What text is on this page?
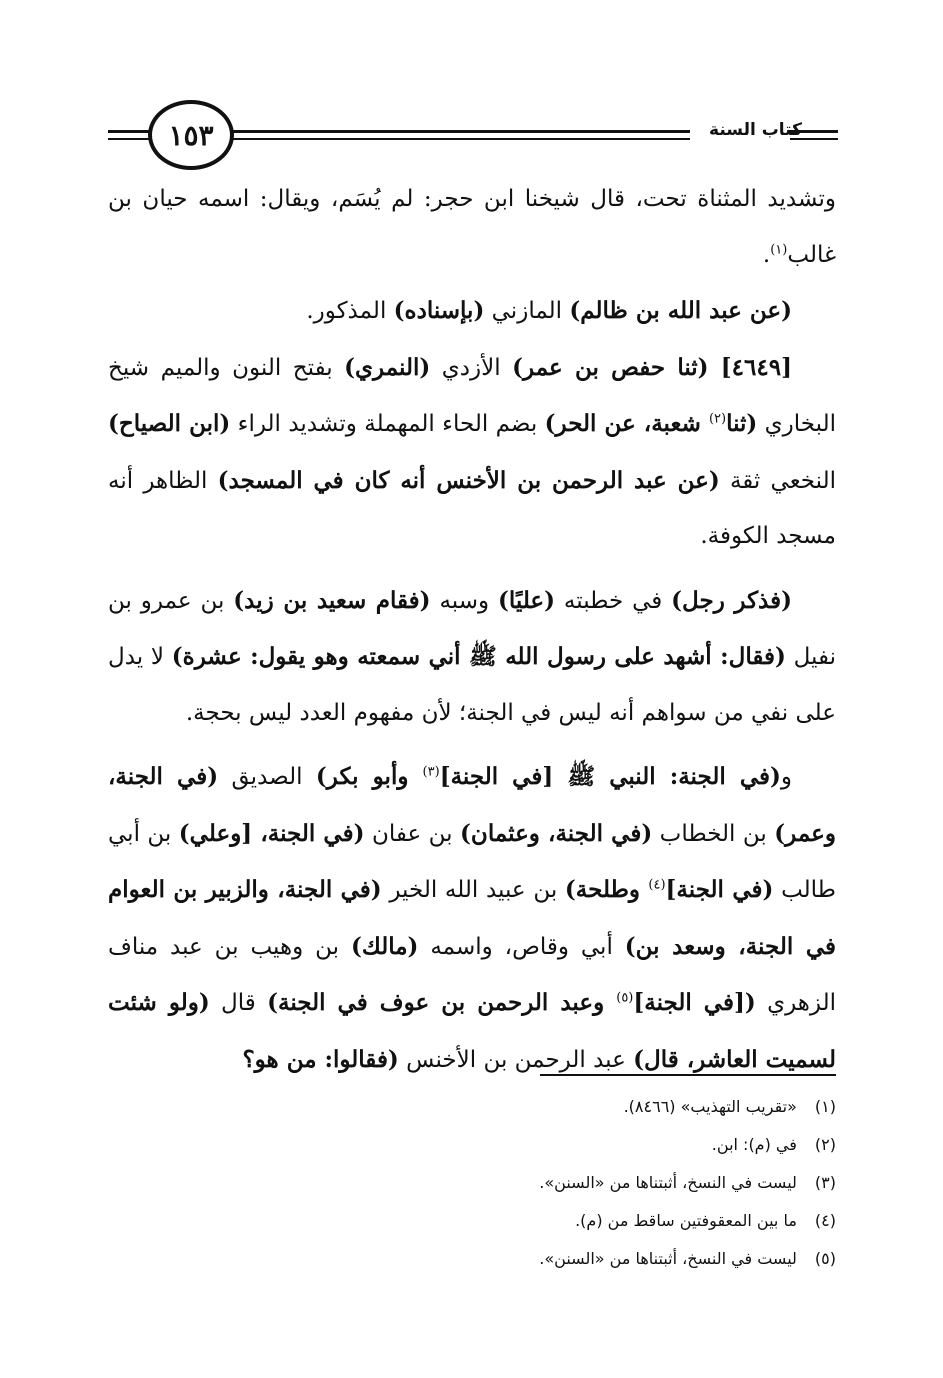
١٥٣	كتاب السنة

وتشديد المثناة تحت، قال شيخنا ابن حجر: لم يُسَم، ويقال: اسمه حيان بن غالب$^{(١)}$.

(عن عبد الله بن ظالم) المازني (بإسناده) المذكور.

[٤٦٤٩] (ثنا حفص بن عمر) الأزدي (النمري) بفتح النون والميم شيخ البخاري (ثنا$^{(٢)}$ شعبة، عن الحر) بضم الحاء المهملة وتشديد الراء (ابن الصياح) النخعي ثقة (عن عبد الرحمن بن الأخنس أنه كان في المسجد) الظاهر أنه مسجد الكوفة.

(فذكر رجل) في خطبته (عليًا) وسبه (فقام سعيد بن زيد) بن عمرو بن نفيل (فقال: أشهد على رسول الله ﷺ أني سمعته وهو يقول: عشرة) لا يدل على نفي من سواهم أنه ليس في الجنة؛ لأن مفهوم العدد ليس بحجة.

و(في الجنة: النبي ﷺ [في الجنة]$^{(٣)}$ وأبو بكر) الصديق (في الجنة، وعمر) بن الخطاب (في الجنة، وعثمان) بن عفان (في الجنة، [وعلي) بن أبي طالب (في الجنة]$^{(٤)}$ وطلحة) بن عبيد الله الخير (في الجنة، والزبير بن العوام في الجنة، وسعد بن) أبي وقاص، واسمه (مالك) بن وهيب بن عبد مناف الزهري ([في الجنة]$^{(٥)}$ وعبد الرحمن بن عوف في الجنة) قال (ولو شئت لسميت العاشر، قال) عبد الرحمن بن الأخنس (فقالوا: من هو؟

(١) «تقريب التهذيب» (٨٤٦٦).
(٢) في (م): ابن.
(٣) ليست في النسخ، أثبتناها من «السنن».
(٤) ما بين المعقوفتين ساقط من (م).
(٥) ليست في النسخ، أثبتناها من «السنن».
